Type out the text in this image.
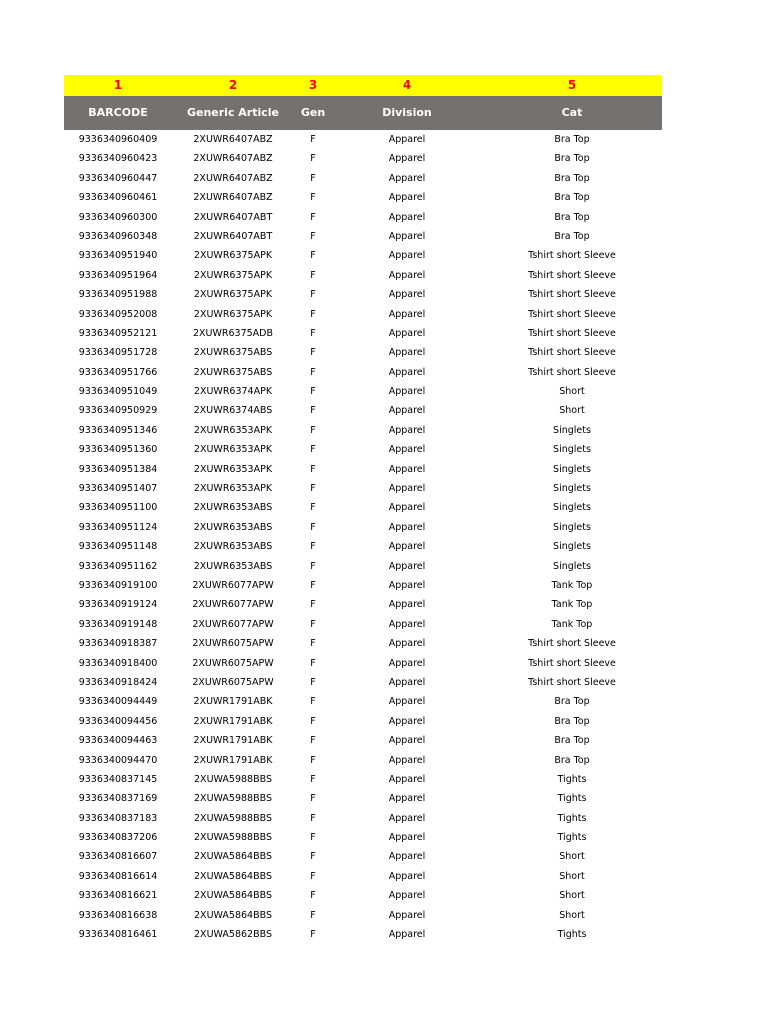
1	2	3	4	5
BARCODE	Generic Article	Gen	Division	Cat
9336340960409	2XUWR6407ABZ	F	Apparel	Bra Top
9336340960423	2XUWR6407ABZ	F	Apparel	Bra Top
9336340960447	2XUWR6407ABZ	F	Apparel	Bra Top
9336340960461	2XUWR6407ABZ	F	Apparel	Bra Top
9336340960300	2XUWR6407ABT	F	Apparel	Bra Top
9336340960348	2XUWR6407ABT	F	Apparel	Bra Top
9336340951940	2XUWR6375APK	F	Apparel	Tshirt short Sleeve
9336340951964	2XUWR6375APK	F	Apparel	Tshirt short Sleeve
9336340951988	2XUWR6375APK	F	Apparel	Tshirt short Sleeve
9336340952008	2XUWR6375APK	F	Apparel	Tshirt short Sleeve
9336340952121	2XUWR6375ADB	F	Apparel	Tshirt short Sleeve
9336340951728	2XUWR6375ABS	F	Apparel	Tshirt short Sleeve
9336340951766	2XUWR6375ABS	F	Apparel	Tshirt short Sleeve
9336340951049	2XUWR6374APK	F	Apparel	Short
9336340950929	2XUWR6374ABS	F	Apparel	Short
9336340951346	2XUWR6353APK	F	Apparel	Singlets
9336340951360	2XUWR6353APK	F	Apparel	Singlets
9336340951384	2XUWR6353APK	F	Apparel	Singlets
9336340951407	2XUWR6353APK	F	Apparel	Singlets
9336340951100	2XUWR6353ABS	F	Apparel	Singlets
9336340951124	2XUWR6353ABS	F	Apparel	Singlets
9336340951148	2XUWR6353ABS	F	Apparel	Singlets
9336340951162	2XUWR6353ABS	F	Apparel	Singlets
9336340919100	2XUWR6077APW	F	Apparel	Tank Top
9336340919124	2XUWR6077APW	F	Apparel	Tank Top
9336340919148	2XUWR6077APW	F	Apparel	Tank Top
9336340918387	2XUWR6075APW	F	Apparel	Tshirt short Sleeve
9336340918400	2XUWR6075APW	F	Apparel	Tshirt short Sleeve
9336340918424	2XUWR6075APW	F	Apparel	Tshirt short Sleeve
9336340094449	2XUWR1791ABK	F	Apparel	Bra Top
9336340094456	2XUWR1791ABK	F	Apparel	Bra Top
9336340094463	2XUWR1791ABK	F	Apparel	Bra Top
9336340094470	2XUWR1791ABK	F	Apparel	Bra Top
9336340837145	2XUWA5988BBS	F	Apparel	Tights
9336340837169	2XUWA5988BBS	F	Apparel	Tights
9336340837183	2XUWA5988BBS	F	Apparel	Tights
9336340837206	2XUWA5988BBS	F	Apparel	Tights
9336340816607	2XUWA5864BBS	F	Apparel	Short
9336340816614	2XUWA5864BBS	F	Apparel	Short
9336340816621	2XUWA5864BBS	F	Apparel	Short
9336340816638	2XUWA5864BBS	F	Apparel	Short
9336340816461	2XUWA5862BBS	F	Apparel	Tights
